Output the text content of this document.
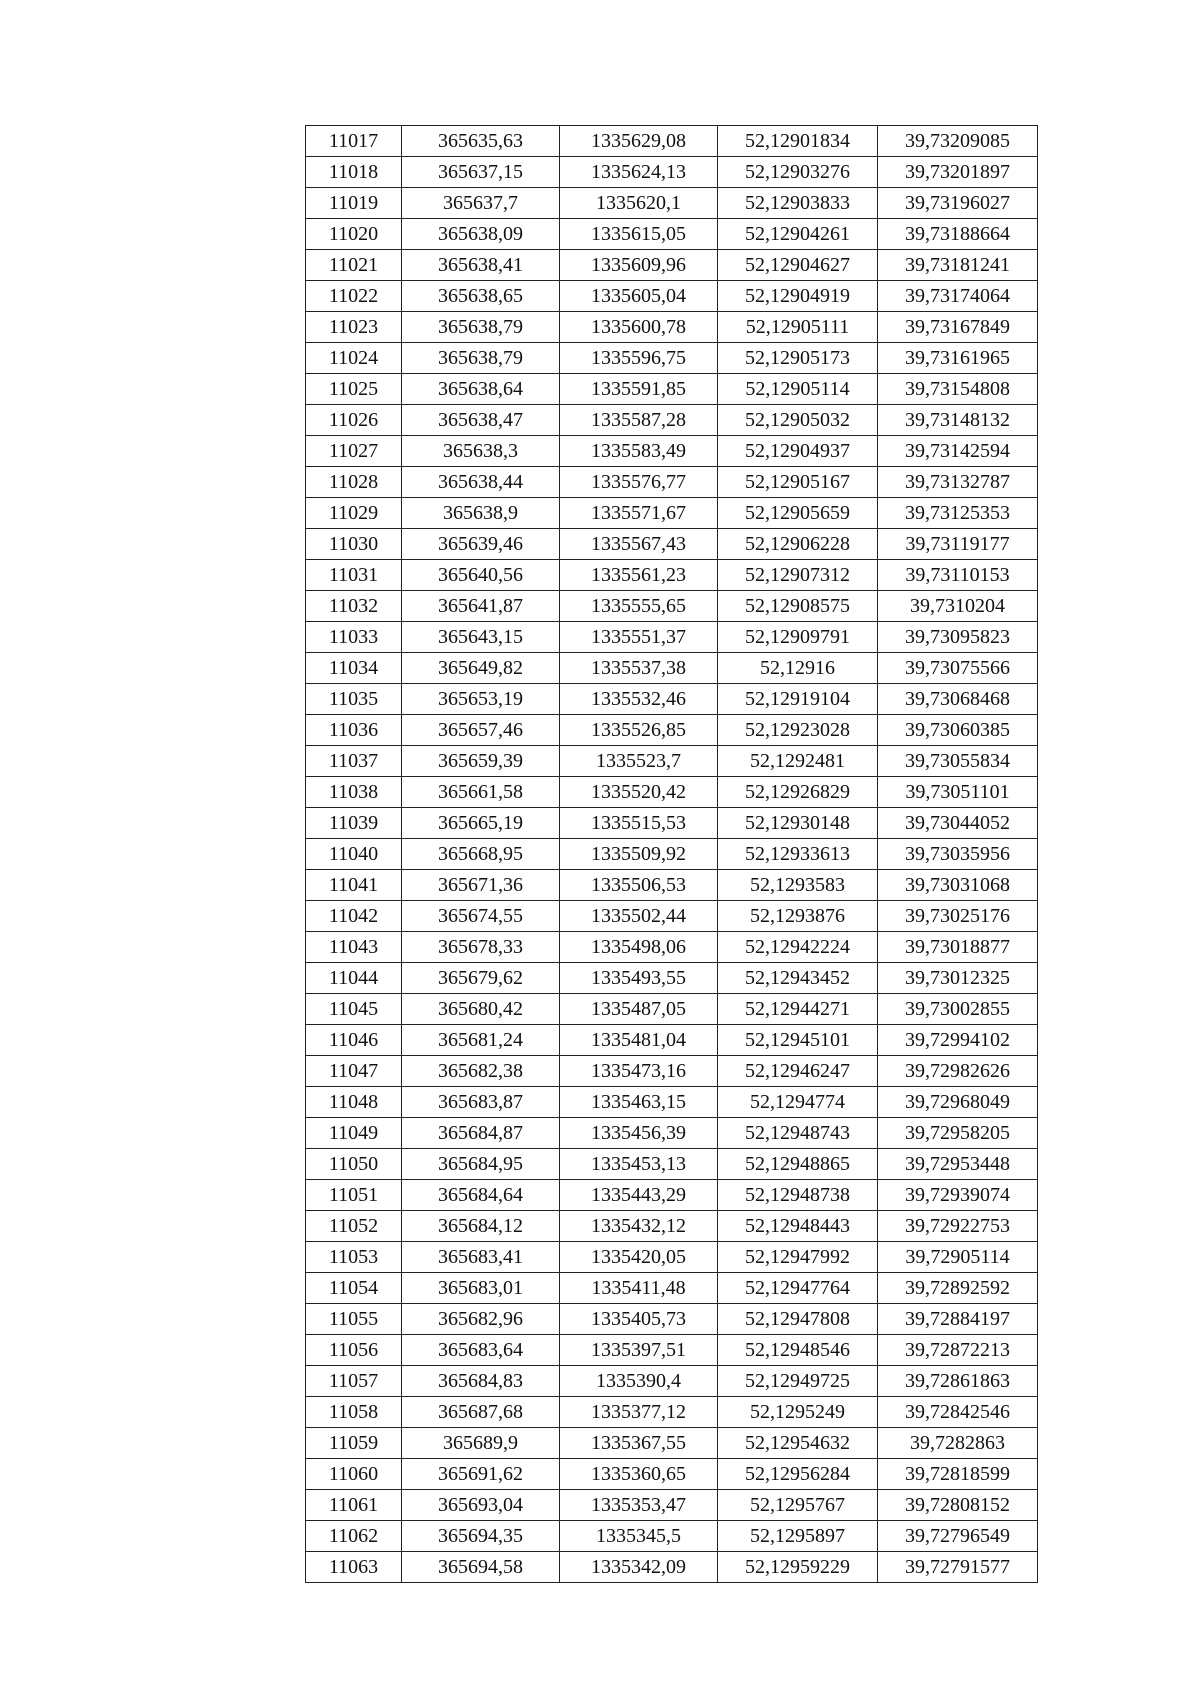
11017	365635,63	1335629,08	52,12901834	39,73209085
11018	365637,15	1335624,13	52,12903276	39,73201897
11019	365637,7	1335620,1	52,12903833	39,73196027
11020	365638,09	1335615,05	52,12904261	39,73188664
11021	365638,41	1335609,96	52,12904627	39,73181241
11022	365638,65	1335605,04	52,12904919	39,73174064
11023	365638,79	1335600,78	52,12905111	39,73167849
11024	365638,79	1335596,75	52,12905173	39,73161965
11025	365638,64	1335591,85	52,12905114	39,73154808
11026	365638,47	1335587,28	52,12905032	39,73148132
11027	365638,3	1335583,49	52,12904937	39,73142594
11028	365638,44	1335576,77	52,12905167	39,73132787
11029	365638,9	1335571,67	52,12905659	39,73125353
11030	365639,46	1335567,43	52,12906228	39,73119177
11031	365640,56	1335561,23	52,12907312	39,73110153
11032	365641,87	1335555,65	52,12908575	39,7310204
11033	365643,15	1335551,37	52,12909791	39,73095823
11034	365649,82	1335537,38	52,12916	39,73075566
11035	365653,19	1335532,46	52,12919104	39,73068468
11036	365657,46	1335526,85	52,12923028	39,73060385
11037	365659,39	1335523,7	52,1292481	39,73055834
11038	365661,58	1335520,42	52,12926829	39,73051101
11039	365665,19	1335515,53	52,12930148	39,73044052
11040	365668,95	1335509,92	52,12933613	39,73035956
11041	365671,36	1335506,53	52,1293583	39,73031068
11042	365674,55	1335502,44	52,1293876	39,73025176
11043	365678,33	1335498,06	52,12942224	39,73018877
11044	365679,62	1335493,55	52,12943452	39,73012325
11045	365680,42	1335487,05	52,12944271	39,73002855
11046	365681,24	1335481,04	52,12945101	39,72994102
11047	365682,38	1335473,16	52,12946247	39,72982626
11048	365683,87	1335463,15	52,1294774	39,72968049
11049	365684,87	1335456,39	52,12948743	39,72958205
11050	365684,95	1335453,13	52,12948865	39,72953448
11051	365684,64	1335443,29	52,12948738	39,72939074
11052	365684,12	1335432,12	52,12948443	39,72922753
11053	365683,41	1335420,05	52,12947992	39,72905114
11054	365683,01	1335411,48	52,12947764	39,72892592
11055	365682,96	1335405,73	52,12947808	39,72884197
11056	365683,64	1335397,51	52,12948546	39,72872213
11057	365684,83	1335390,4	52,12949725	39,72861863
11058	365687,68	1335377,12	52,1295249	39,72842546
11059	365689,9	1335367,55	52,12954632	39,7282863
11060	365691,62	1335360,65	52,12956284	39,72818599
11061	365693,04	1335353,47	52,1295767	39,72808152
11062	365694,35	1335345,5	52,1295897	39,72796549
11063	365694,58	1335342,09	52,12959229	39,72791577
